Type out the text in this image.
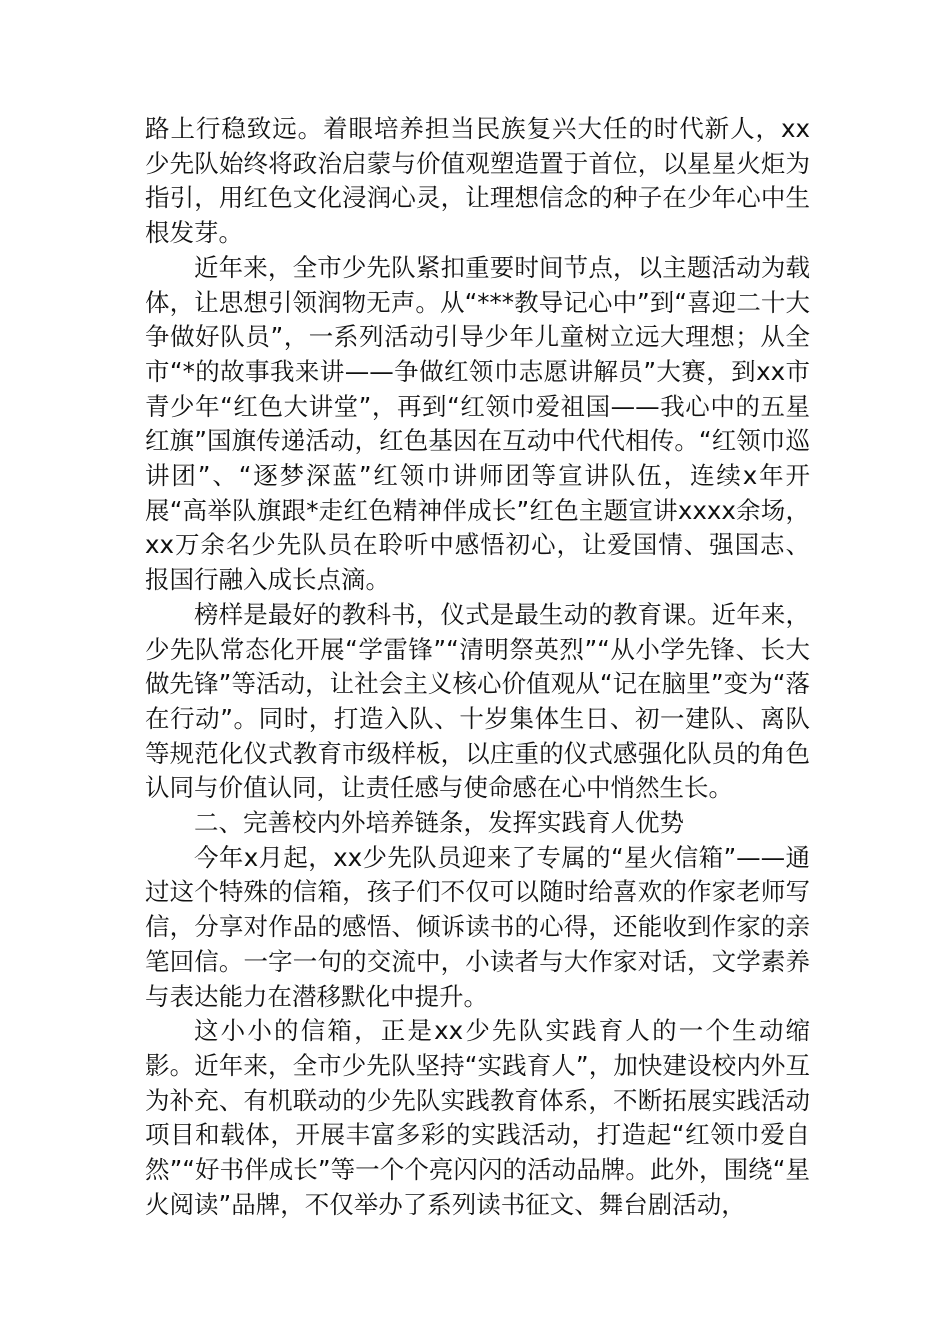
路上行稳致远。着眼培养担当民族复兴大任的时代新人，xx少先队始终将政治启蒙与价值观塑造置于首位，以星星火炬为指引，用红色文化浸润心灵，让理想信念的种子在少年心中生根发芽。

近年来，全市少先队紧扣重要时间节点，以主题活动为载体，让思想引领润物无声。从“***教导记心中”到“喜迎二十大争做好队员”，一系列活动引导少年儿童树立远大理想；从全市“*的故事我来讲——争做红领巾志愿讲解员”大赛，到xx市青少年“红色大讲堂”，再到“红领巾爱祖国——我心中的五星红旗”国旗传递活动，红色基因在互动中代代相传。“红领巾巡讲团”、“逐梦深蓝”红领巾讲师团等宣讲队伍，连续x年开展“高举队旗跟*走红色精神伴成长”红色主题宣讲xxxx余场，xx万余名少先队员在聆听中感悟初心，让爱国情、强国志、报国行融入成长点滴。

榜样是最好的教科书，仪式是最生动的教育课。近年来，少先队常态化开展“学雷锋”“清明祭英烈”“从小学先锋、长大做先锋”等活动，让社会主义核心价值观从“记在脑里”变为“落在行动”。同时，打造入队、十岁集体生日、初一建队、离队等规范化仪式教育市级样板，以庄重的仪式感强化队员的角色认同与价值认同，让责任感与使命感在心中悄然生长。

二、完善校内外培养链条，发挥实践育人优势

今年x月起，xx少先队员迎来了专属的“星火信箱”——通过这个特殊的信箱，孩子们不仅可以随时给喜欢的作家老师写信，分享对作品的感悟、倾诉读书的心得，还能收到作家的亲笔回信。一字一句的交流中，小读者与大作家对话，文学素养与表达能力在潜移默化中提升。

这小小的信箱，正是xx少先队实践育人的一个生动缩影。近年来，全市少先队坚持“实践育人”，加快建设校内外互为补充、有机联动的少先队实践教育体系，不断拓展实践活动项目和载体，开展丰富多彩的实践活动，打造起“红领巾爱自然”“好书伴成长”等一个个亮闪闪的活动品牌。此外，围绕“星火阅读”品牌，不仅举办了系列读书征文、舞台剧活动，
